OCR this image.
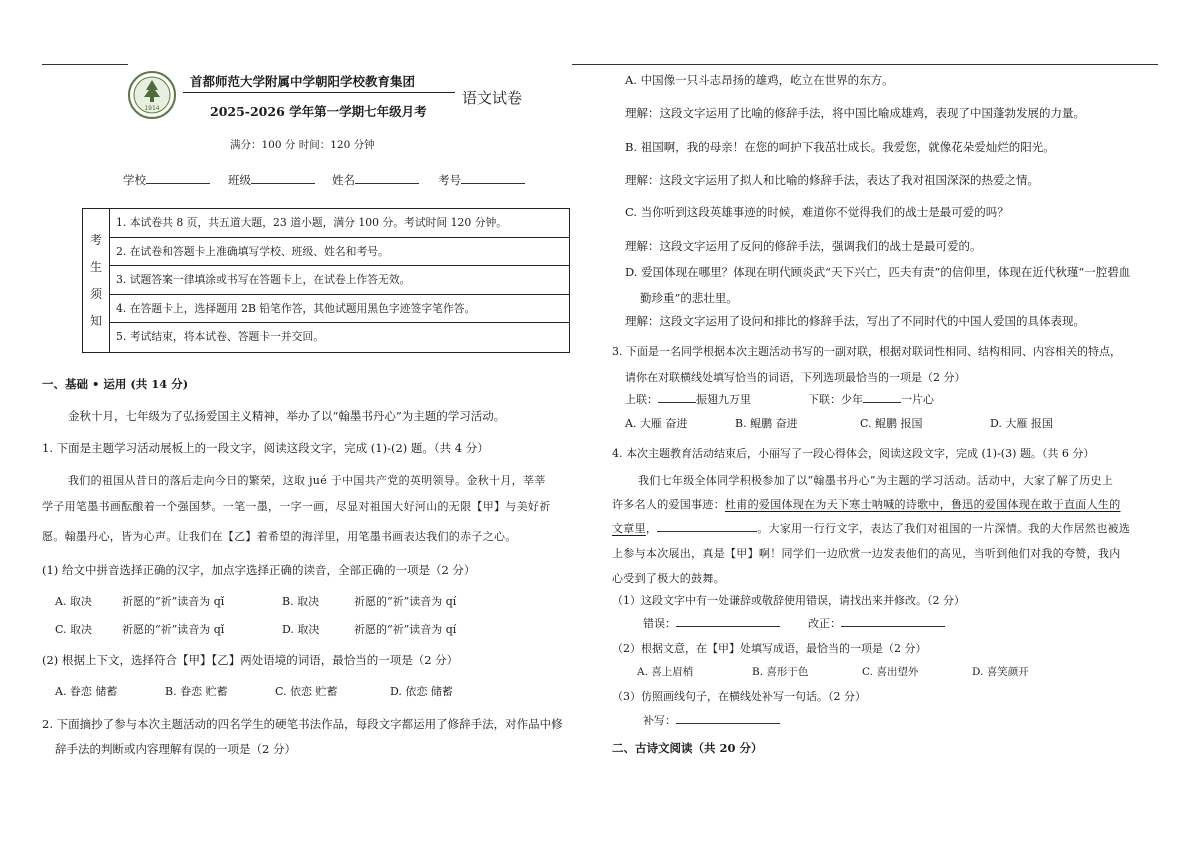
1914
首都师范大学附属中学朝阳学校教育集团
2025-2026 学年第一学期七年级月考
语文试卷
满分：100 分 时间：120 分钟
学校	班级	姓名	考号
考
生
须
知
1. 本试卷共 8 页，共五道大题，23 道小题，满分 100 分。考试时间 120 分钟。
2. 在试卷和答题卡上准确填写学校、班级、姓名和考号。
3. 试题答案一律填涂或书写在答题卡上，在试卷上作答无效。
4. 在答题卡上，选择题用 2B 铅笔作答，其他试题用黑色字迹签字笔作答。
5. 考试结束，将本试卷、答题卡一并交回。
一、基础 • 运用 (共 14 分)
金秋十月，七年级为了弘扬爱国主义精神，举办了以“翰墨书丹心”为主题的学习活动。
1. 下面是主题学习活动展板上的一段文字，阅读这段文字，完成 (1)-(2) 题。（共 4 分）
我们的祖国从昔日的落后走向今日的繁荣，这取 jué 于中国共产党的英明领导。金秋十月，莘莘
学子用笔墨书画酝酿着一个强国梦。一笔一墨，一字一画，尽显对祖国大好河山的无限【甲】与美好祈
愿。翰墨丹心，皆为心声。让我们在【乙】着希望的海洋里，用笔墨书画表达我们的赤子之心。
(1) 给文中拼音选择正确的汉字，加点字选择正确的读音，全部正确的一项是（2 分）
A. 取决	祈愿的“祈”读音为 qǐ	B. 取决	祈愿的“祈”读音为 qí
C. 取决	祈愿的“祈”读音为 qǐ	D. 取决	祈愿的“祈”读音为 qí
(2) 根据上下文，选择符合【甲】【乙】两处语境的词语，最恰当的一项是（2 分）
A. 眷恋 储蓄	B. 眷恋 贮蓄	C. 依恋 贮蓄	D. 依恋 储蓄
2. 下面摘抄了参与本次主题活动的四名学生的硬笔书法作品，每段文字都运用了修辞手法，对作品中修
辞手法的判断或内容理解有误的一项是（2 分）
A. 中国像一只斗志昂扬的雄鸡，屹立在世界的东方。
理解：这段文字运用了比喻的修辞手法，将中国比喻成雄鸡，表现了中国蓬勃发展的力量。
B. 祖国啊，我的母亲！在您的呵护下我茁壮成长。我爱您，就像花朵爱灿烂的阳光。
理解：这段文字运用了拟人和比喻的修辞手法，表达了我对祖国深深的热爱之情。
C. 当你听到这段英雄事迹的时候，难道你不觉得我们的战士是最可爱的吗？
理解：这段文字运用了反问的修辞手法，强调我们的战士是最可爱的。
D. 爱国体现在哪里？体现在明代顾炎武“天下兴亡，匹夫有责”的信仰里，体现在近代秋瑾“一腔碧血
勤珍重”的悲壮里。
理解：这段文字运用了设问和排比的修辞手法，写出了不同时代的中国人爱国的具体表现。
3. 下面是一名同学根据本次主题活动书写的一副对联，根据对联词性相同、结构相同、内容相关的特点，
请你在对联横线处填写恰当的词语，下列选项最恰当的一项是（2 分）
上联：	振翅九万里	下联：少年	一片心
A. 大雁 奋进	B. 鲲鹏 奋进	C. 鲲鹏 报国	D. 大雁 报国
4. 本次主题教育活动结束后，小丽写了一段心得体会，阅读这段文字，完成 (1)-(3) 题。（共 6 分）
我们七年级全体同学积极参加了以“翰墨书丹心”为主题的学习活动。活动中，大家了解了历史上
许多名人的爱国事迹：杜甫的爱国体现在为天下寒士呐喊的诗歌中，鲁迅的爱国体现在敢于直面人生的
文章里，	。大家用一行行文字，表达了我们对祖国的一片深情。我的大作居然也被选
上参与本次展出，真是【甲】啊！同学们一边欣赏一边发表他们的高见，当听到他们对我的夸赞，我内
心受到了极大的鼓舞。
（1）这段文字中有一处谦辞或敬辞使用错误，请找出来并修改。（2 分）
错误：	改正：
（2）根据文意，在【甲】处填写成语，最恰当的一项是（2 分）
A. 喜上眉梢	B. 喜形于色	C. 喜出望外	D. 喜笑颜开
（3）仿照画线句子，在横线处补写一句话。（2 分）
补写：
二、古诗文阅读（共 20 分）
